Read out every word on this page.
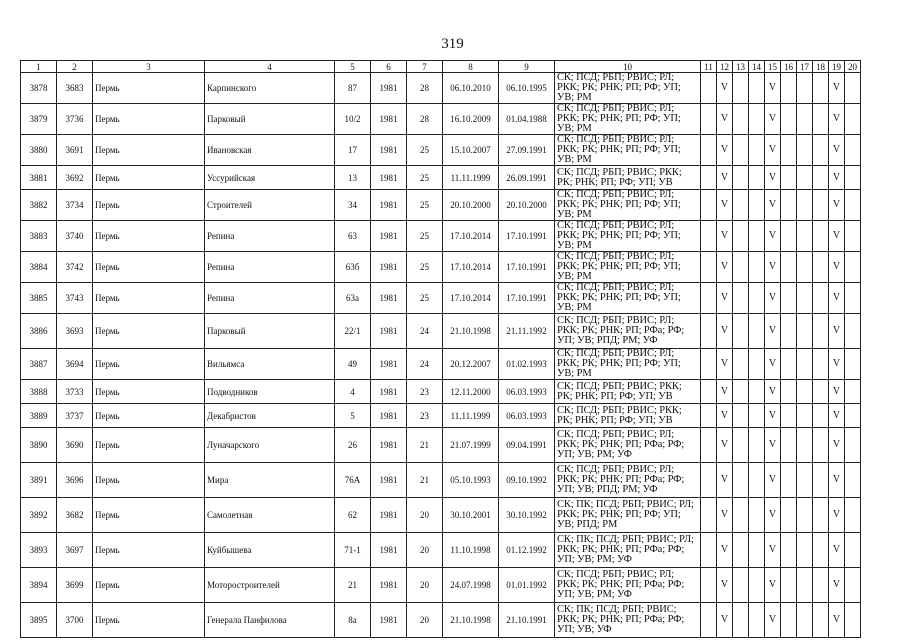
319
1	2	3	4	5	6	7	8	9	10	11	12	13	14	15	16	17	18	19	20
3878	3683	Пермь	Карпинского	87	1981	28	06.10.2010	06.10.1995	СК; ПСД; РБП; РВИС; РЛ; РКК; РК; РНК; РП; РФ; УП; УВ; РМ		V			V				V	
3879	3736	Пермь	Парковый	10/2	1981	28	16.10.2009	01.04.1988	СК; ПСД; РБП; РВИС; РЛ; РКК; РК; РНК; РП; РФ; УП; УВ; РМ		V			V				V	
3880	3691	Пермь	Ивановская	17	1981	25	15.10.2007	27.09.1991	СК; ПСД; РБП; РВИС; РЛ; РКК; РК; РНК; РП; РФ; УП; УВ; РМ		V			V				V	
3881	3692	Пермь	Уссурийская	13	1981	25	11.11.1999	26.09.1991	СК; ПСД; РБП; РВИС; РКК; РК; РНК; РП; РФ; УП; УВ		V			V				V	
3882	3734	Пермь	Строителей	34	1981	25	20.10.2000	20.10.2000	СК; ПСД; РБП; РВИС; РЛ; РКК; РК; РНК; РП; РФ; УП; УВ; РМ		V			V				V	
3883	3740	Пермь	Репина	63	1981	25	17.10.2014	17.10.1991	СК; ПСД; РБП; РВИС; РЛ; РКК; РК; РНК; РП; РФ; УП; УВ; РМ		V			V				V	
3884	3742	Пермь	Репина	63б	1981	25	17.10.2014	17.10.1991	СК; ПСД; РБП; РВИС; РЛ; РКК; РК; РНК; РП; РФ; УП; УВ; РМ		V			V				V	
3885	3743	Пермь	Репина	63а	1981	25	17.10.2014	17.10.1991	СК; ПСД; РБП; РВИС; РЛ; РКК; РК; РНК; РП; РФ; УП; УВ; РМ		V			V				V	
3886	3693	Пермь	Парковый	22/1	1981	24	21.10.1998	21.11.1992	СК; ПСД; РБП; РВИС; РЛ; РКК; РК; РНК; РП; РФа; РФ; УП; УВ; РПД; РМ; УФ		V			V				V	
3887	3694	Пермь	Вильямса	49	1981	24	20.12.2007	01.02.1993	СК; ПСД; РБП; РВИС; РЛ; РКК; РК; РНК; РП; РФ; УП; УВ; РМ		V			V				V	
3888	3733	Пермь	Подводников	4	1981	23	12.11.2000	06.03.1993	СК; ПСД; РБП; РВИС; РКК; РК; РНК; РП; РФ; УП; УВ		V			V				V	
3889	3737	Пермь	Декабристов	5	1981	23	11.11.1999	06.03.1993	СК; ПСД; РБП; РВИС; РКК; РК; РНК; РП; РФ; УП; УВ		V			V				V	
3890	3690	Пермь	Луначарского	26	1981	21	21.07.1999	09.04.1991	СК; ПСД; РБП; РВИС; РЛ; РКК; РК; РНК; РП; РФа; РФ; УП; УВ; РМ; УФ		V			V				V	
3891	3696	Пермь	Мира	76А	1981	21	05.10.1993	09.10.1992	СК; ПСД; РБП; РВИС; РЛ; РКК; РК; РНК; РП; РФа; РФ; УП; УВ; РПД; РМ; УФ		V			V				V	
3892	3682	Пермь	Самолетная	62	1981	20	30.10.2001	30.10.1992	СК; ПК; ПСД; РБП; РВИС; РЛ; РКК; РК; РНК; РП; РФ; УП; УВ; РПД; РМ		V			V				V	
3893	3697	Пермь	Куйбышева	71-1	1981	20	11.10.1998	01.12.1992	СК; ПК; ПСД; РБП; РВИС; РЛ; РКК; РК; РНК; РП; РФа; РФ; УП; УВ; РМ; УФ		V			V				V	
3894	3699	Пермь	Моторостроителей	21	1981	20	24.07.1998	01.01.1992	СК; ПСД; РБП; РВИС; РЛ; РКК; РК; РНК; РП; РФа; РФ; УП; УВ; РМ; УФ		V			V				V	
3895	3700	Пермь	Генерала Панфилова	8а	1981	20	21.10.1998	21.10.1991	СК; ПК; ПСД; РБП; РВИС; РКК; РК; РНК; РП; РФа; РФ; УП; УВ; УФ		V			V				V	
